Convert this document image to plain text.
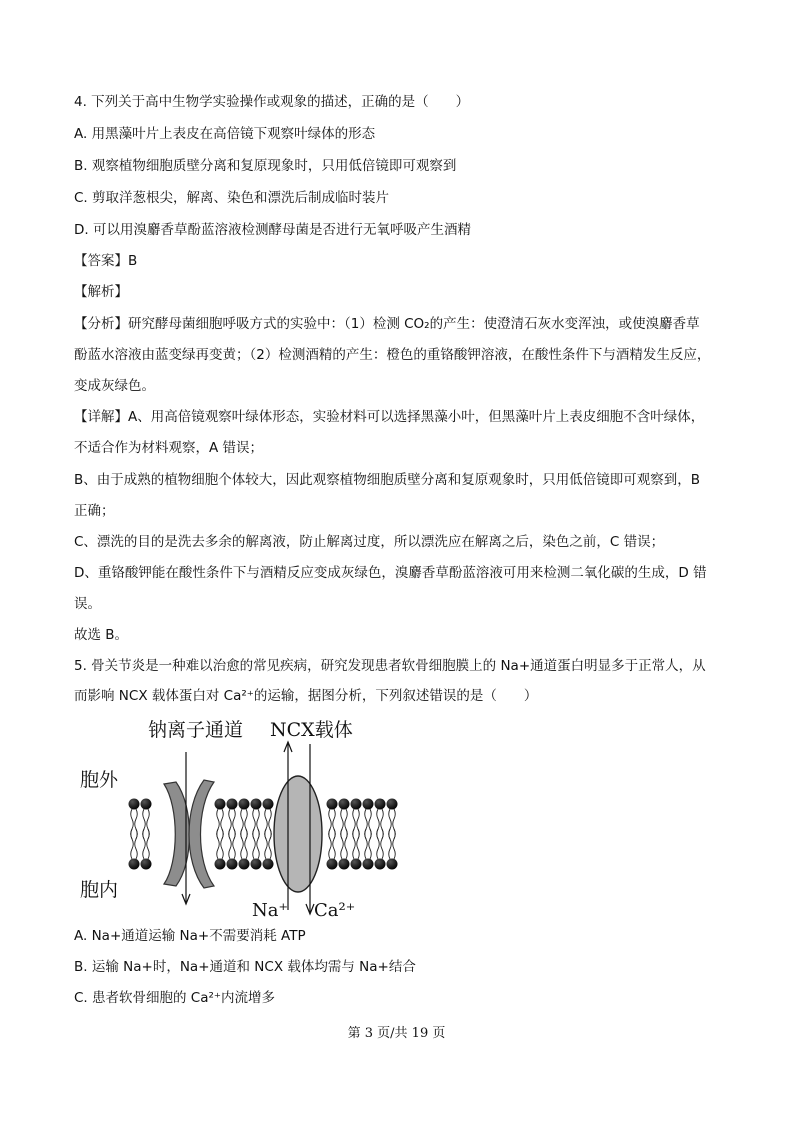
4. 下列关于高中生物学实验操作或观象的描述，正确的是（　　）
A. 用黑藻叶片上表皮在高倍镜下观察叶绿体的形态
B. 观察植物细胞质壁分离和复原现象时，只用低倍镜即可观察到
C. 剪取洋葱根尖，解离、染色和漂洗后制成临时装片
D. 可以用溴麝香草酚蓝溶液检测酵母菌是否进行无氧呼吸产生酒精
【答案】B
【解析】
【分析】研究酵母菌细胞呼吸方式的实验中：（1）检测 CO₂的产生：使澄清石灰水变浑浊，或使溴麝香草
酚蓝水溶液由蓝变绿再变黄；（2）检测酒精的产生：橙色的重铬酸钾溶液，在酸性条件下与酒精发生反应，
变成灰绿色。
【详解】A、用高倍镜观察叶绿体形态，实验材料可以选择黑藻小叶，但黑藻叶片上表皮细胞不含叶绿体，
不适合作为材料观察，A 错误；
B、由于成熟的植物细胞个体较大，因此观察植物细胞质壁分离和复原观象时，只用低倍镜即可观察到，B
正确；
C、漂洗的目的是洗去多余的解离液，防止解离过度，所以漂洗应在解离之后，染色之前，C 错误；
D、重铬酸钾能在酸性条件下与酒精反应变成灰绿色，溴麝香草酚蓝溶液可用来检测二氧化碳的生成，D 错
误。
故选 B。
5. 骨关节炎是一种难以治愈的常见疾病，研究发现患者软骨细胞膜上的 Na+通道蛋白明显多于正常人，从
而影响 NCX 载体蛋白对 Ca²⁺的运输，据图分析，下列叙述错误的是（　　）
钠离子通道 NCX载体
胞外
胞内
Na⁺ Ca²⁺
A. Na+通道运输 Na+不需要消耗 ATP
B. 运输 Na+时，Na+通道和 NCX 载体均需与 Na+结合
C. 患者软骨细胞的 Ca²⁺内流增多
第 3 页/共 19 页
